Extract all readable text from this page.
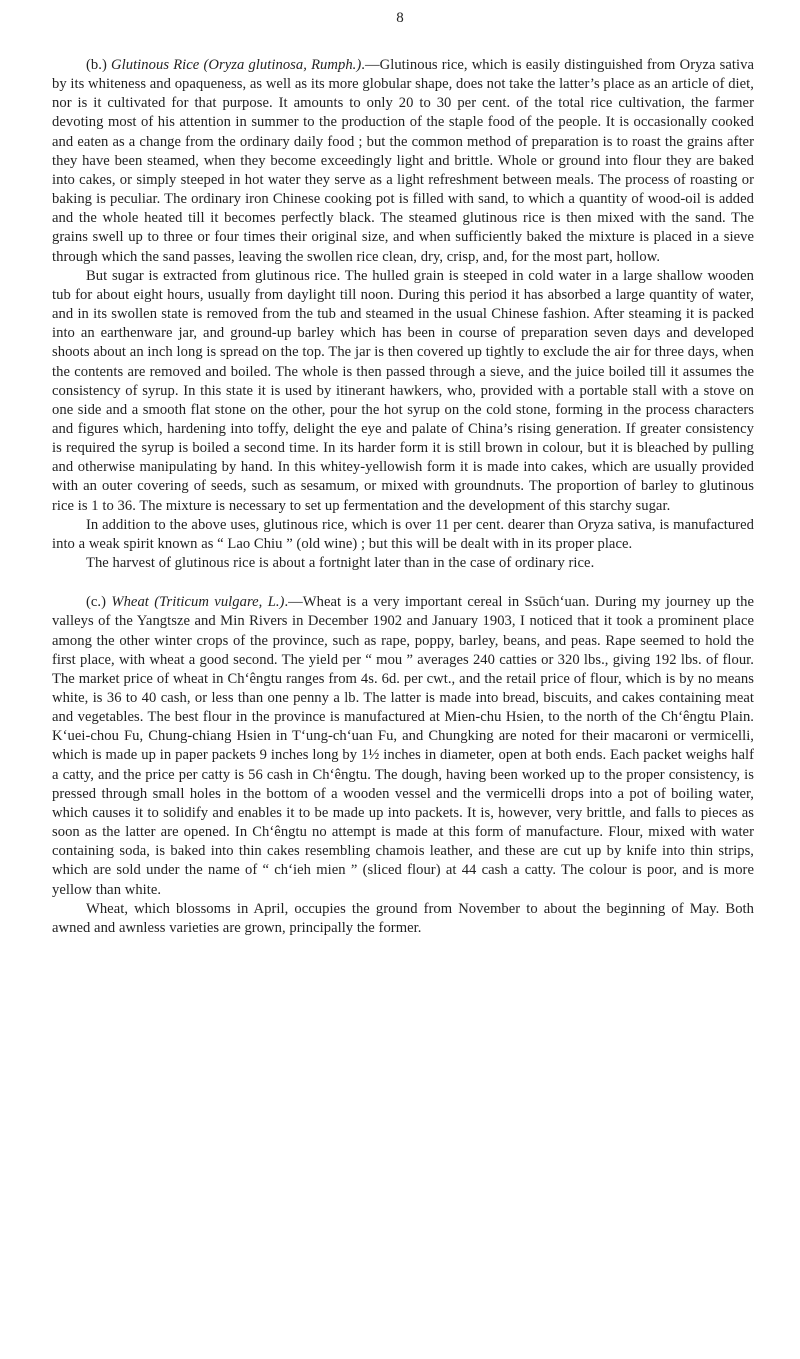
8

(b.) Glutinous Rice (Oryza glutinosa, Rumph.).—Glutinous rice, which is easily distinguished from Oryza sativa by its whiteness and opaqueness, as well as its more globular shape, does not take the latter’s place as an article of diet, nor is it cultivated for that purpose. It amounts to only 20 to 30 per cent. of the total rice cultivation, the farmer devoting most of his attention in summer to the production of the staple food of the people. It is occasionally cooked and eaten as a change from the ordinary daily food ; but the common method of preparation is to roast the grains after they have been steamed, when they become exceedingly light and brittle. Whole or ground into flour they are baked into cakes, or simply steeped in hot water they serve as a light refreshment between meals. The process of roasting or baking is peculiar. The ordinary iron Chinese cooking pot is filled with sand, to which a quantity of wood-oil is added and the whole heated till it becomes perfectly black. The steamed glutinous rice is then mixed with the sand. The grains swell up to three or four times their original size, and when sufficiently baked the mixture is placed in a sieve through which the sand passes, leaving the swollen rice clean, dry, crisp, and, for the most part, hollow.

But sugar is extracted from glutinous rice. The hulled grain is steeped in cold water in a large shallow wooden tub for about eight hours, usually from daylight till noon. During this period it has absorbed a large quantity of water, and in its swollen state is removed from the tub and steamed in the usual Chinese fashion. After steaming it is packed into an earthenware jar, and ground-up barley which has been in course of preparation seven days and developed shoots about an inch long is spread on the top. The jar is then covered up tightly to exclude the air for three days, when the contents are removed and boiled. The whole is then passed through a sieve, and the juice boiled till it assumes the consistency of syrup. In this state it is used by itinerant hawkers, who, provided with a portable stall with a stove on one side and a smooth flat stone on the other, pour the hot syrup on the cold stone, forming in the process characters and figures which, hardening into toffy, delight the eye and palate of China’s rising generation. If greater consistency is required the syrup is boiled a second time. In its harder form it is still brown in colour, but it is bleached by pulling and otherwise manipulating by hand. In this whitey-yellowish form it is made into cakes, which are usually provided with an outer covering of seeds, such as sesamum, or mixed with groundnuts. The proportion of barley to glutinous rice is 1 to 36. The mixture is necessary to set up fermentation and the development of this starchy sugar.

In addition to the above uses, glutinous rice, which is over 11 per cent. dearer than Oryza sativa, is manufactured into a weak spirit known as “ Lao Chiu ” (old wine) ; but this will be dealt with in its proper place.

The harvest of glutinous rice is about a fortnight later than in the case of ordinary rice.

(c.) Wheat (Triticum vulgare, L.).—Wheat is a very important cereal in Ssūch‘uan. During my journey up the valleys of the Yangtsze and Min Rivers in December 1902 and January 1903, I noticed that it took a prominent place among the other winter crops of the province, such as rape, poppy, barley, beans, and peas. Rape seemed to hold the first place, with wheat a good second. The yield per “ mou ” averages 240 catties or 320 lbs., giving 192 lbs. of flour. The market price of wheat in Ch‘êngtu ranges from 4s. 6d. per cwt., and the retail price of flour, which is by no means white, is 36 to 40 cash, or less than one penny a lb. The latter is made into bread, biscuits, and cakes containing meat and vegetables. The best flour in the province is manufactured at Mien-chu Hsien, to the north of the Ch‘êngtu Plain. K‘uei-chou Fu, Chung-chiang Hsien in T‘ung-ch‘uan Fu, and Chungking are noted for their macaroni or vermicelli, which is made up in paper packets 9 inches long by 1½ inches in diameter, open at both ends. Each packet weighs half a catty, and the price per catty is 56 cash in Ch‘êngtu. The dough, having been worked up to the proper consistency, is pressed through small holes in the bottom of a wooden vessel and the vermicelli drops into a pot of boiling water, which causes it to solidify and enables it to be made up into packets. It is, however, very brittle, and falls to pieces as soon as the latter are opened. In Ch‘êngtu no attempt is made at this form of manufacture. Flour, mixed with water containing soda, is baked into thin cakes resembling chamois leather, and these are cut up by knife into thin strips, which are sold under the name of “ ch‘ieh mien ” (sliced flour) at 44 cash a catty. The colour is poor, and is more yellow than white.

Wheat, which blossoms in April, occupies the ground from November to about the beginning of May. Both awned and awnless varieties are grown, principally the former.
